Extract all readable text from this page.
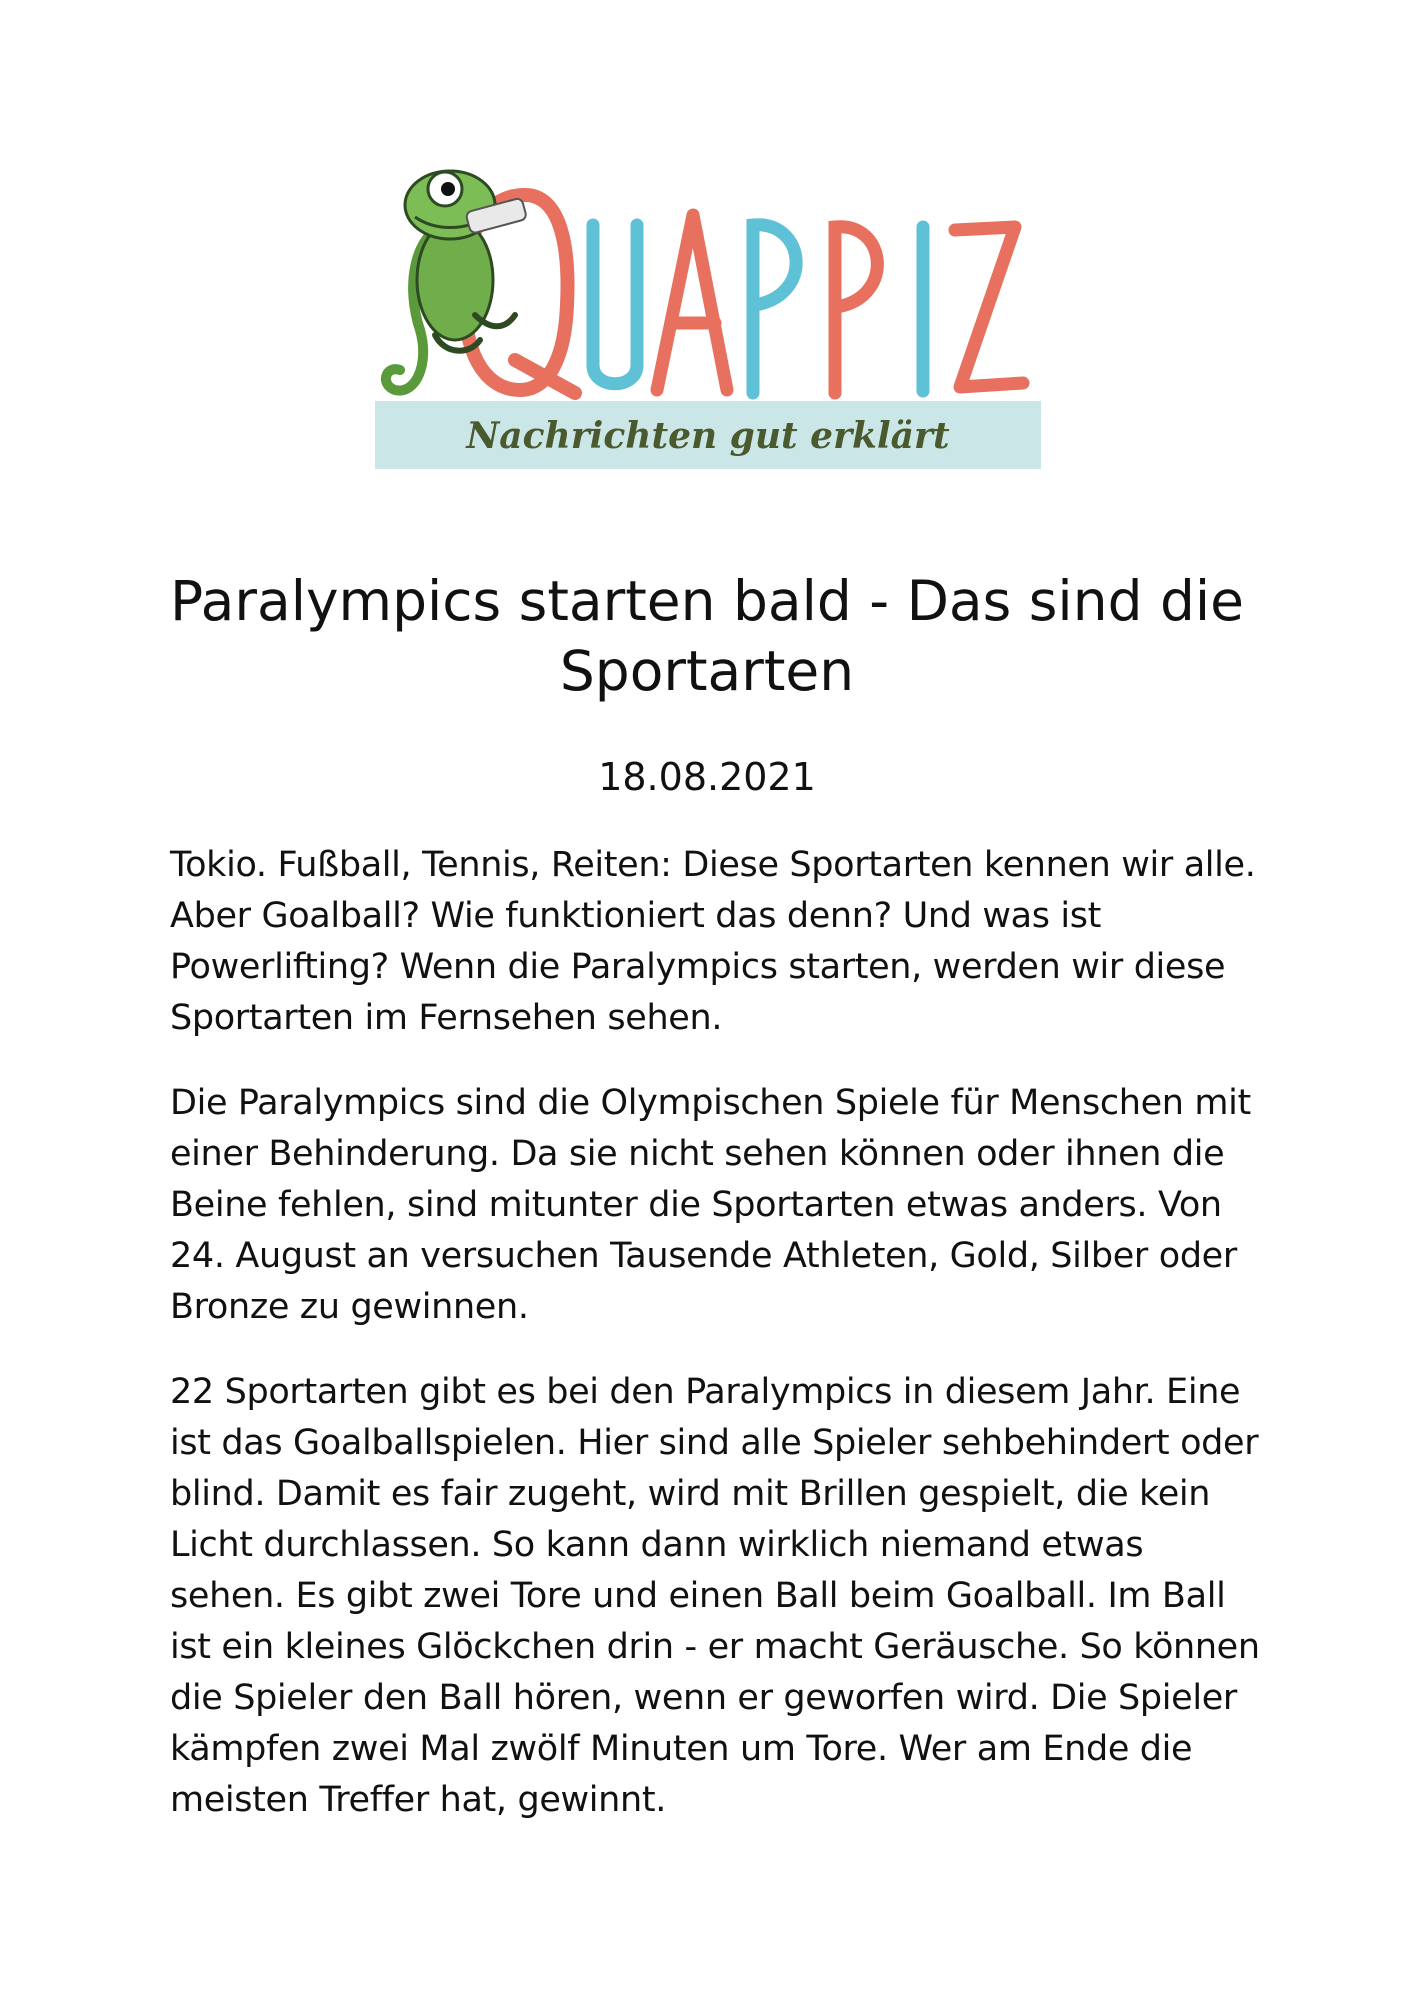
Nachrichten gut erklärt
Paralympics starten bald - Das sind die Sportarten
18.08.2021

Tokio. Fußball, Tennis, Reiten: Diese Sportarten kennen wir alle. Aber Goalball? Wie funktioniert das denn? Und was ist Powerlifting? Wenn die Paralympics starten, werden wir diese Sportarten im Fernsehen sehen.

Die Paralympics sind die Olympischen Spiele für Menschen mit einer Behinderung. Da sie nicht sehen können oder ihnen die Beine fehlen, sind mitunter die Sportarten etwas anders. Von 24. August an versuchen Tausende Athleten, Gold, Silber oder Bronze zu gewinnen.

22 Sportarten gibt es bei den Paralympics in diesem Jahr. Eine ist das Goalballspielen. Hier sind alle Spieler sehbehindert oder blind. Damit es fair zugeht, wird mit Brillen gespielt, die kein Licht durchlassen. So kann dann wirklich niemand etwas sehen. Es gibt zwei Tore und einen Ball beim Goalball. Im Ball ist ein kleines Glöckchen drin - er macht Geräusche. So können die Spieler den Ball hören, wenn er geworfen wird. Die Spieler kämpfen zwei Mal zwölf Minuten um Tore. Wer am Ende die meisten Treffer hat, gewinnt.
